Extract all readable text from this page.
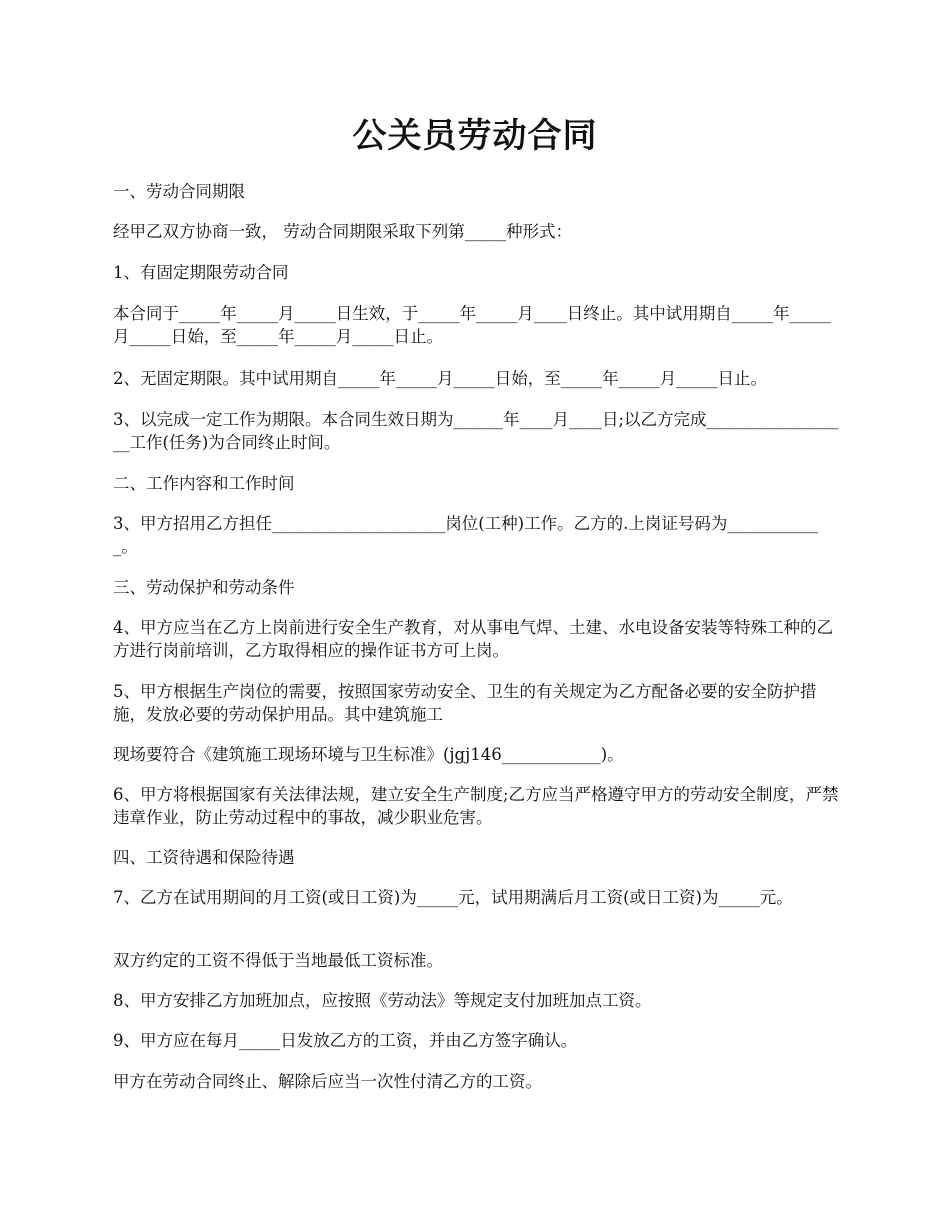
公关员劳动合同

一、劳动合同期限

经甲乙双方协商一致， 劳动合同期限采取下列第_____种形式：

1、有固定期限劳动合同

本合同于_____年_____月_____日生效，于_____年_____月____日终止。其中试用期自_____年_____月_____日始，至_____年_____月_____日止。

2、无固定期限。其中试用期自_____年_____月_____日始，至_____年_____月_____日止。

3、以完成一定工作为期限。本合同生效日期为______年____月____日;以乙方完成__________________工作(任务)为合同终止时间。

二、工作内容和工作时间

3、甲方招用乙方担任_____________________岗位(工种)工作。乙方的.上岗证号码为____________。

三、劳动保护和劳动条件

4、甲方应当在乙方上岗前进行安全生产教育，对从事电气焊、土建、水电设备安装等特殊工种的乙方进行岗前培训，乙方取得相应的操作证书方可上岗。

5、甲方根据生产岗位的需要，按照国家劳动安全、卫生的有关规定为乙方配备必要的安全防护措施，发放必要的劳动保护用品。其中建筑施工

现场要符合《建筑施工现场环境与卫生标准》(jgj146____________)。

6、甲方将根据国家有关法律法规，建立安全生产制度;乙方应当严格遵守甲方的劳动安全制度，严禁违章作业，防止劳动过程中的事故，减少职业危害。

四、工资待遇和保险待遇

7、乙方在试用期间的月工资(或日工资)为_____元，试用期满后月工资(或日工资)为_____元。

双方约定的工资不得低于当地最低工资标准。

8、甲方安排乙方加班加点，应按照《劳动法》等规定支付加班加点工资。

9、甲方应在每月_____日发放乙方的工资，并由乙方签字确认。

甲方在劳动合同终止、解除后应当一次性付清乙方的工资。
